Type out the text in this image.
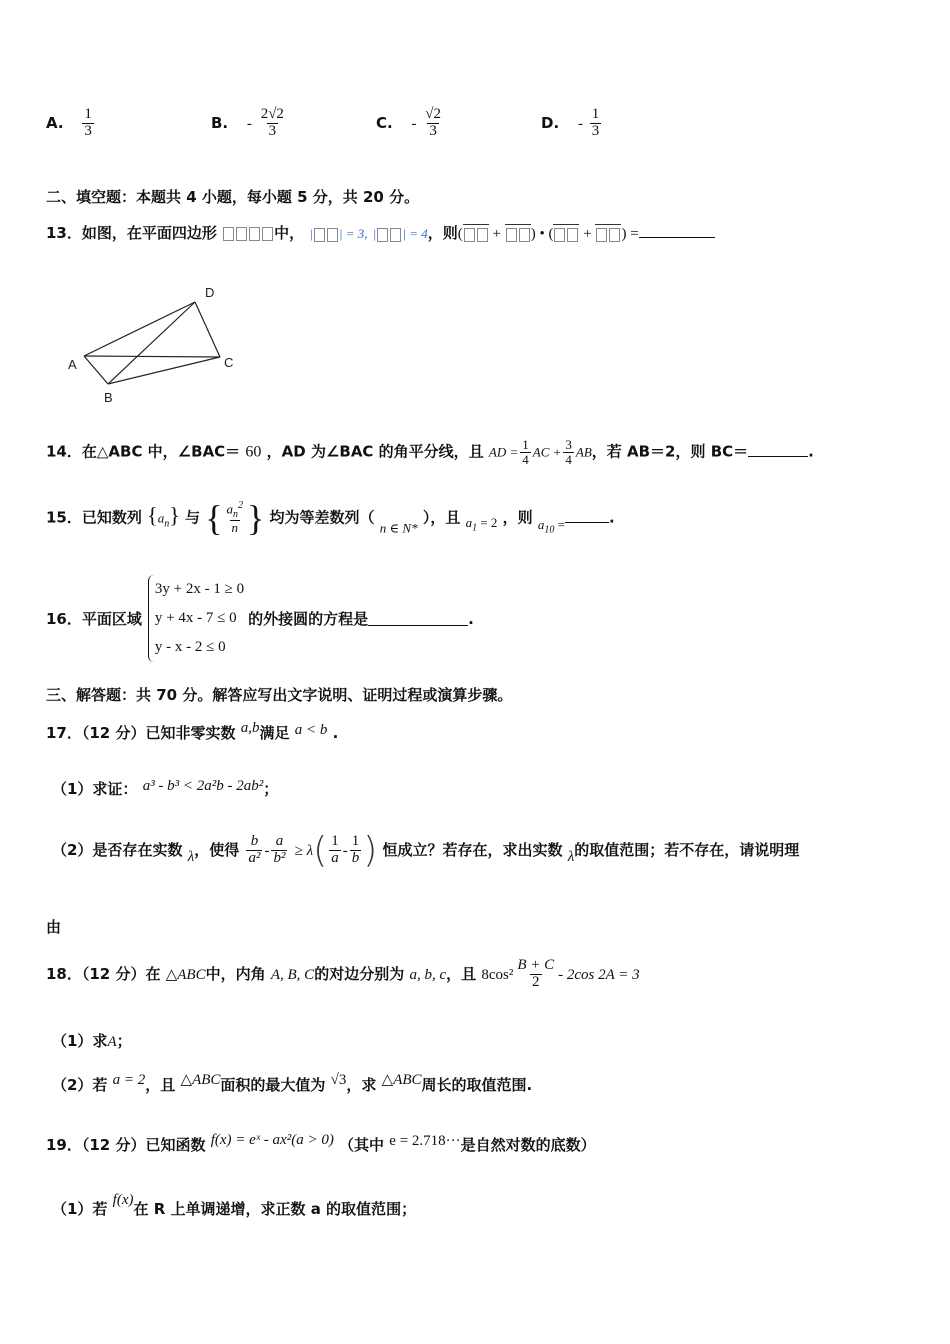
A. $\frac{1}{3}$	B. - $\frac{2√2}{3}$	C. - $\frac{√2}{3}$	D. - $\frac{1}{3}$
二、填空题：本题共 4 小题，每小题 5 分，共 20 分。
13．如图，在平面四边形	中， | | = 3, | | = 4，则( + ) • ( + ) =
A
B
C
D
14．在△ABC 中，∠BAC＝ 60 ，AD 为∠BAC 的角平分线，且 AD = $\frac{1}{4}$ AC + $\frac{3}{4}$ AB，若 AB＝2，则 BC＝	.
15．已知数列 $\{a_n\}$ 与 { $\frac{a_n^2}{n}$ } 均为等差数列（ n ∈ N* ），且 $a_1 = 2$ ，则 $a_{10}$ =	.
16． 平面区域
3y + 2x - 1 ≥ 0
y + 4x - 7 ≤ 0
y - x - 2 ≤ 0
的外接圆的方程是	.
三、解答题：共 70 分。解答应写出文字说明、证明过程或演算步骤。
17．（12 分）已知非零实数 a,b满足 a < b .
（1）求证： a³ - b³ < 2a²b - 2ab²；
（2）是否存在实数 λ，使得 $\frac{b}{\text{a²}} - \frac{a}{\text{b²}} \ge \lambda( \frac{1}{a} - \frac{1}{b}$ ) 恒成立？若存在，求出实数 λ的取值范围；若不存在，请说明理
由
18．（12 分）在 △ABC中，内角 A, B, C的对边分别为 a, b, c，且 $8\cos^2 \frac{B + C}{2} - 2\cos$ 2A = 3
（1）求A；
（2）若 a = 2，且 △ABC面积的最大值为 √3，求 △ABC周长的取值范围.
19．（12 分）已知函数 f(x) = eˣ - ax²(a > 0) （其中 e = 2.718···是自然对数的底数）
（1）若 f(x)在 R 上单调递增，求正数 a 的取值范围；
